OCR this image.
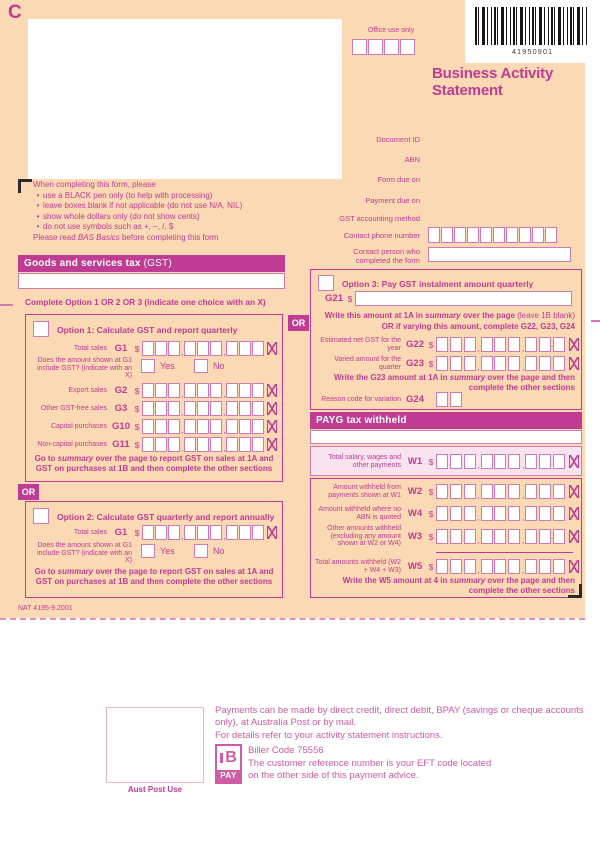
C
Office use only
41950901
Business Activity
Statement
Document ID
ABN
Form due on
Payment due on
GST accounting method
Contact phone number
Contact person who completed the form
When completing this form, please
• use a BLACK pen only (to help with processing)
• leave boxes blank if not applicable (do not use N/A, NIL)
• show whole dollars only (do not show cents)
• do not use symbols such as +, −, /, $
Please read BAS Basics before completing this form
Goods and services tax (GST)
Complete Option 1 OR 2 OR 3 (indicate one choice with an X)
Option 1: Calculate GST and report quarterly
Total sales G1 $	,	,
Does the amount shown at G1 include GST? (indicate with an X)
Yes	No
Export sales G2 $	,	,
Other GST-free sales G3 $	,	,
Capital purchases G10 $	,	,
Non-capital purchases G11 $	,	,
Go to summary over the page to report GST on sales at 1A and GST on purchases at 1B and then complete the other sections
OR
Option 2: Calculate GST quarterly and report annually
Total sales G1 $	,	,
Does the amount shown at G1 include GST? (indicate with an X)
Yes	No
Go to summary over the page to report GST on sales at 1A and GST on purchases at 1B and then complete the other sections
NAT 4195-9.2001
OR
Option 3: Pay GST instalment amount quarterly
G21 $
Write this amount at 1A in summary over the page (leave 1B blank)
OR if varying this amount, complete G22, G23, G24
Estimated net GST for the year G22 $	,	,
Varied amount for the quarter G23 $	,	,
Write the G23 amount at 1A in summary over the page and then complete the other sections
Reason code for variation G24
PAYG tax withheld
Total salary, wages and other payments W1 $	,	,
Amount withheld from payments shown at W1 W2 $	,	,
Amount withheld where no ABN is quoted W4 $	,	,
Other amounts withheld (excluding any amount shown at W2 or W4)
W3 $	,	,
Total amounts withheld (W2 + W4 + W3) W5 $	,	,
Write the W5 amount at 4 in summary over the page and then complete the other sections
Aust Post Use
Payments can be made by direct credit, direct debit, BPAY (savings or cheque accounts only), at Australia Post or by mail.
For details refer to your activity statement instructions.
B
PAY
Biller Code 75556
The customer reference number is your EFT code located
on the other side of this payment advice.
